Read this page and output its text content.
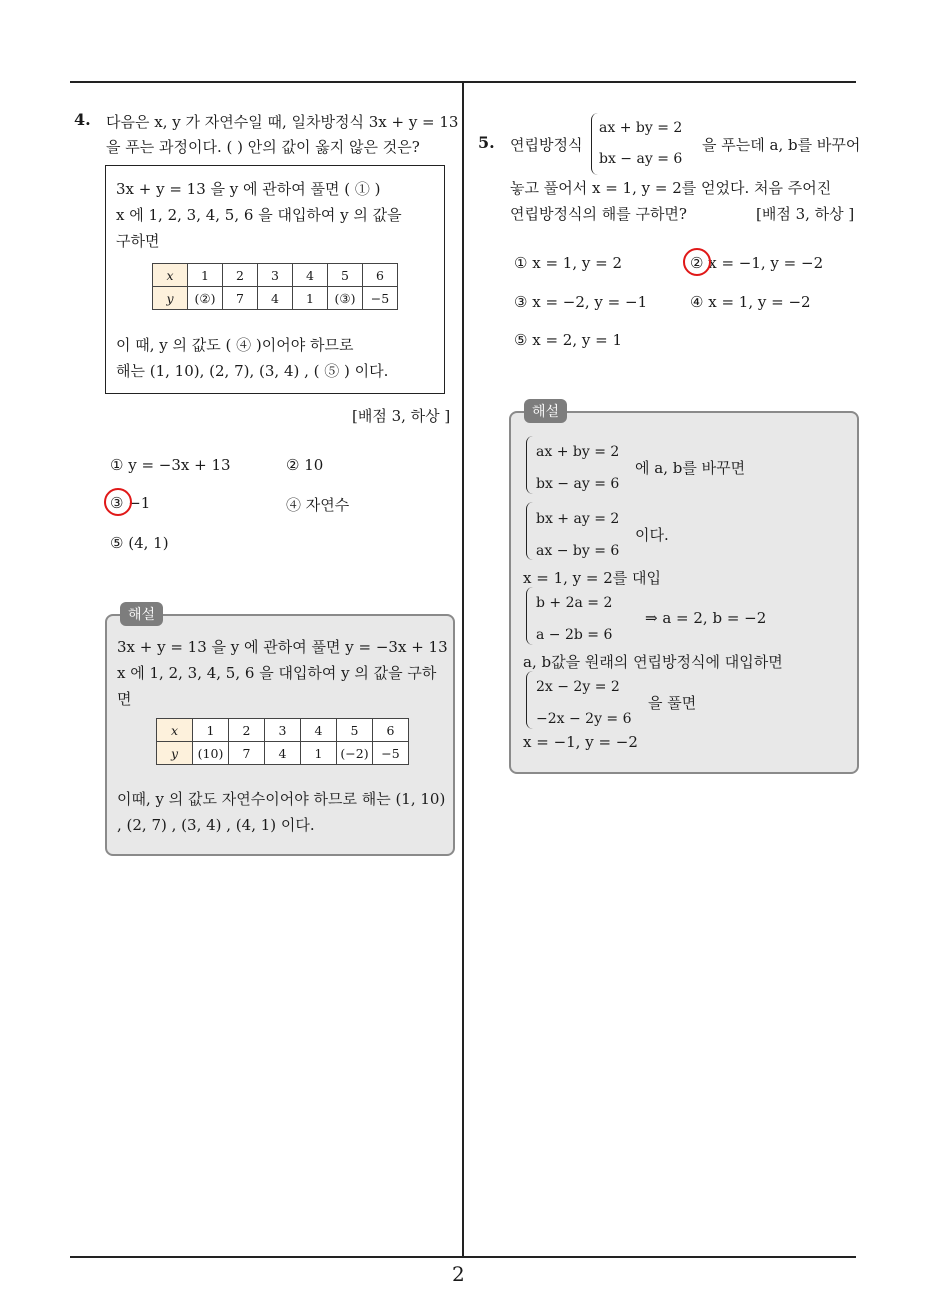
2
4. 다음은 x, y 가 자연수일 때, 일차방정식 3x + y = 13
을 푸는 과정이다. ( ) 안의 값이 옳지 않은 것은?
3x + y = 13 을 y 에 관하여 풀면 ( ① )
x 에 1, 2, 3, 4, 5, 6 을 대입하여 y 의 값을
구하면
x	1	2	3	4	5	6
y	(②)	7	4	1	(③)	−5
이 때, y 의 값도 ( ④ )이어야 하므로
해는 (1, 10), (2, 7), (3, 4) , ( ⑤ ) 이다.
[배점 3, 하상 ]
① y = −3x + 13	② 10
③ −1	④ 자연수
⑤ (4, 1)
3x + y = 13 을 y 에 관하여 풀면 y = −3x + 13
x 에 1, 2, 3, 4, 5, 6 을 대입하여 y 의 값을 구하
면
x	1	2	3	4	5	6
y	(10)	7	4	1	(−2)	−5
이때, y 의 값도 자연수이어야 하므로 해는 (1, 10)
, (2, 7) , (3, 4) , (4, 1) 이다.
해설
5. 연립방정식
ax + by = 2
bx − ay = 6
을 푸는데 a, b를 바꾸어
놓고 풀어서 x = 1, y = 2를 얻었다. 처음 주어진
연립방정식의 해를 구하면?	[배점 3, 하상 ]
① x = 1, y = 2	② x = −1, y = −2
③ x = −2, y = −1	④ x = 1, y = −2
⑤ x = 2, y = 1
ax + by = 2
bx − ay = 6
에 a, b를 바꾸면
bx + ay = 2
ax − by = 6
이다.
x = 1, y = 2를 대입
b + 2a = 2
a − 2b = 6
⇒ a = 2, b = −2
a, b값을 원래의 연립방정식에 대입하면
2x − 2y = 2
−2x − 2y = 6
을 풀면
x = −1, y = −2
해설
